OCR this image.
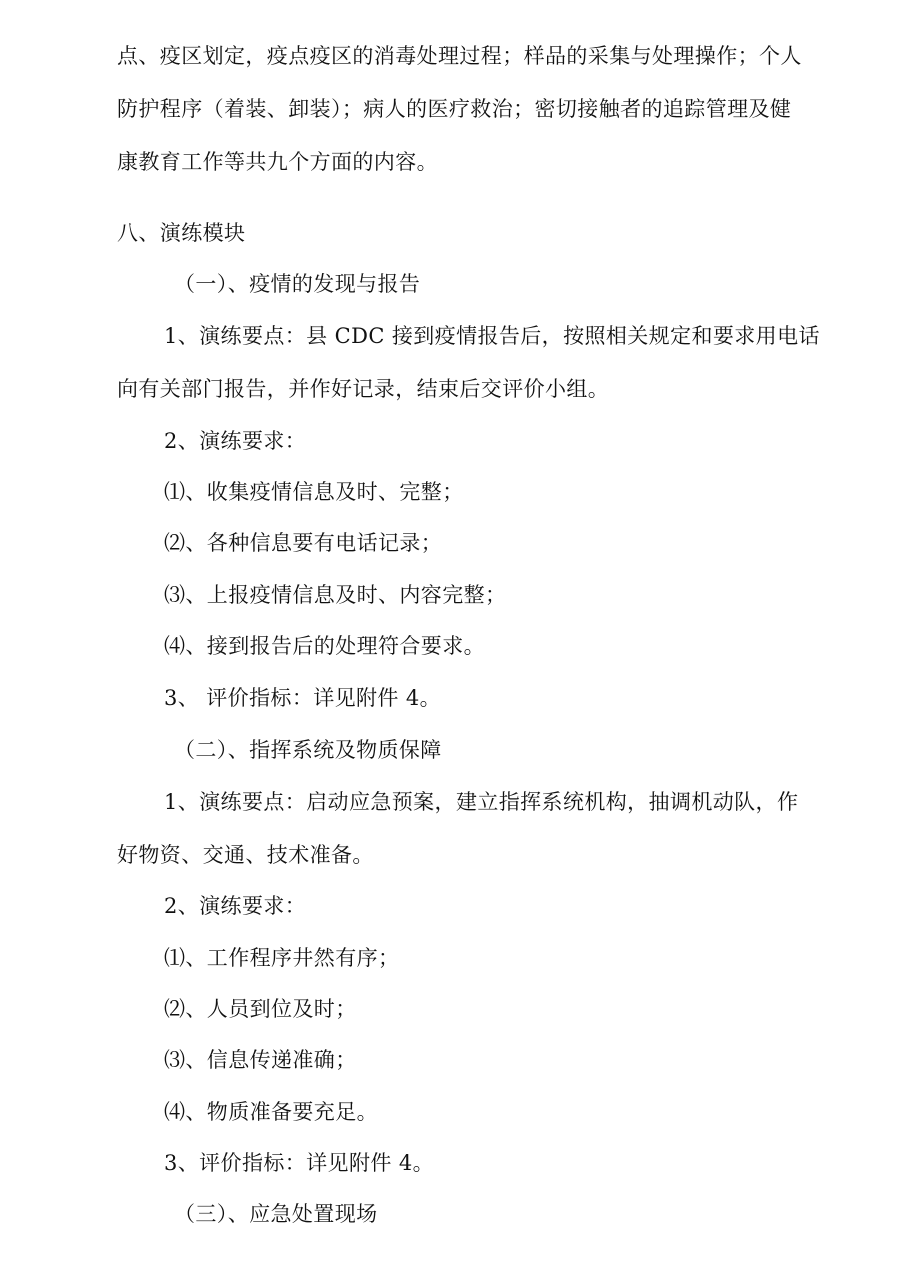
点、疫区划定，疫点疫区的消毒处理过程；样品的采集与处理操作；个人
防护程序（着装、卸装）；病人的医疗救治；密切接触者的追踪管理及健
康教育工作等共九个方面的内容。
八、演练模块
（一）、疫情的发现与报告
1、演练要点：县 CDC 接到疫情报告后，按照相关规定和要求用电话
向有关部门报告，并作好记录，结束后交评价小组。
2、演练要求：
⑴、收集疫情信息及时、完整；
⑵、各种信息要有电话记录；
⑶、上报疫情信息及时、内容完整；
⑷、接到报告后的处理符合要求。
3、 评价指标：详见附件 4。
（二）、指挥系统及物质保障
1、演练要点：启动应急预案，建立指挥系统机构，抽调机动队，作
好物资、交通、技术准备。
2、演练要求：
⑴、工作程序井然有序；
⑵、人员到位及时；
⑶、信息传递准确；
⑷、物质准备要充足。
3、评价指标：详见附件 4。
（三）、应急处置现场
